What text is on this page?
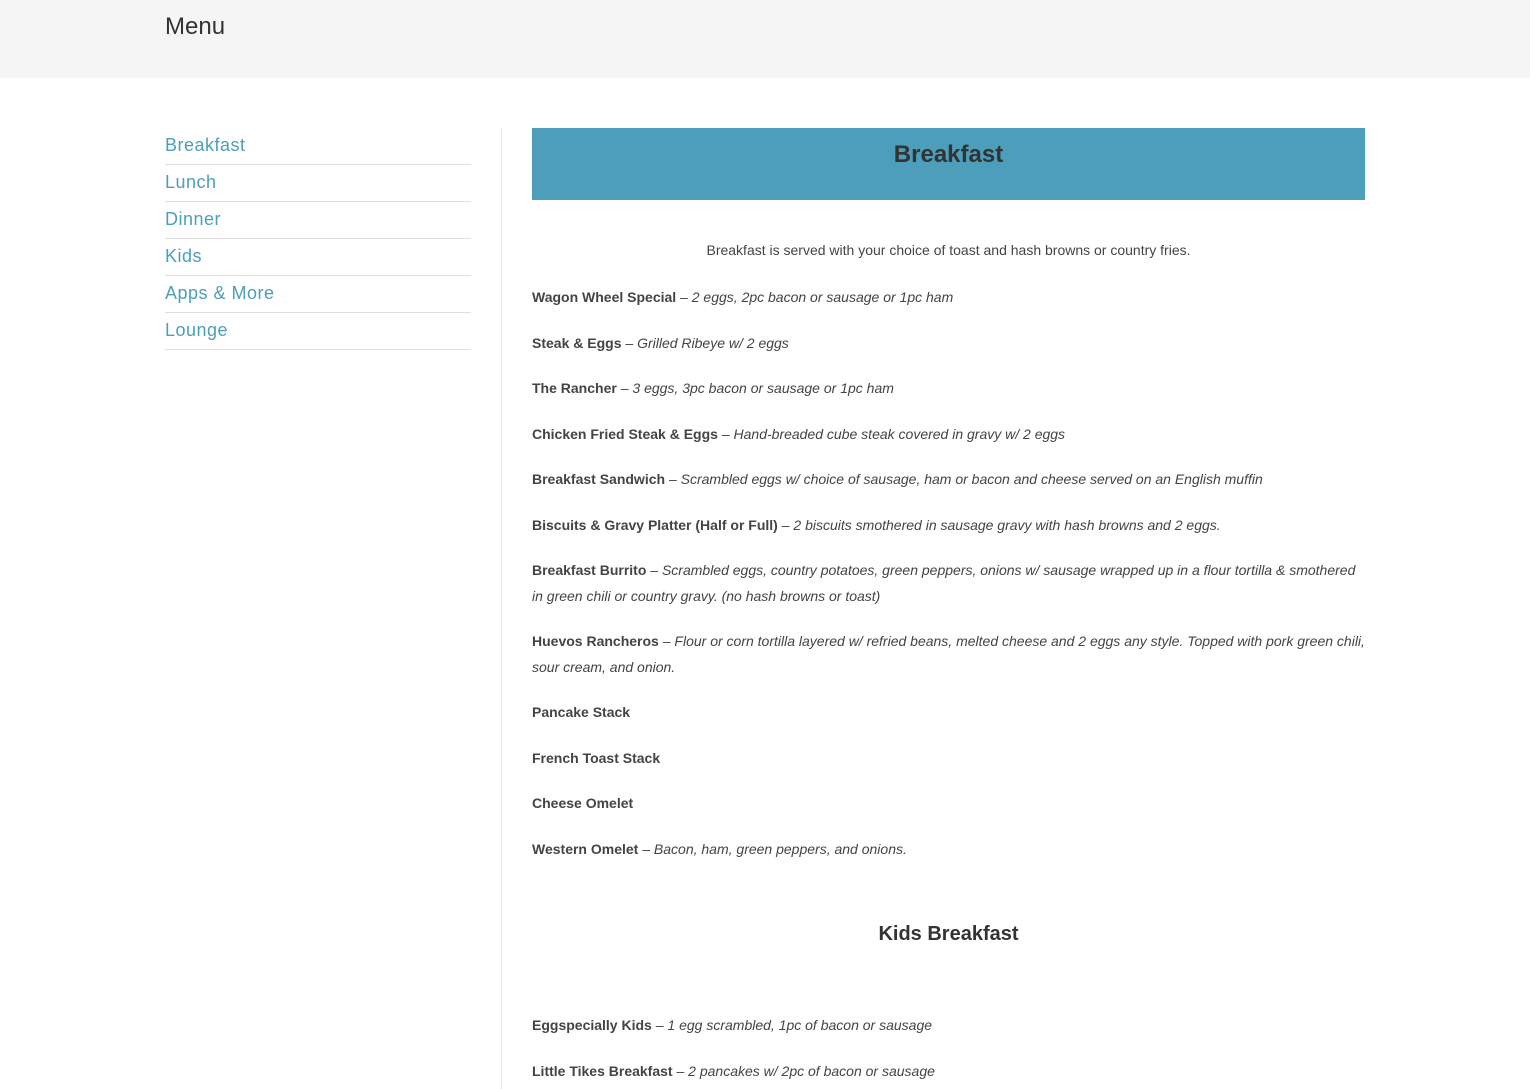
Menu
Breakfast
Lunch
Dinner
Kids
Apps & More
Lounge
Breakfast

Breakfast is served with your choice of toast and hash browns or country fries.

Wagon Wheel Special – 2 eggs, 2pc bacon or sausage or 1pc ham

Steak & Eggs – Grilled Ribeye w/ 2 eggs

The Rancher – 3 eggs, 3pc bacon or sausage or 1pc ham

Chicken Fried Steak & Eggs – Hand-breaded cube steak covered in gravy w/ 2 eggs

Breakfast Sandwich – Scrambled eggs w/ choice of sausage, ham or bacon and cheese served on an English muffin

Biscuits & Gravy Platter (Half or Full) – 2 biscuits smothered in sausage gravy with hash browns and 2 eggs.

Breakfast Burrito – Scrambled eggs, country potatoes, green peppers, onions w/ sausage wrapped up in a flour tortilla & smothered in green chili or country gravy. (no hash browns or toast)

Huevos Rancheros – Flour or corn tortilla layered w/ refried beans, melted cheese and 2 eggs any style. Topped with pork green chili, sour cream, and onion.

Pancake Stack

French Toast Stack

Cheese Omelet

Western Omelet – Bacon, ham, green peppers, and onions.

Kids Breakfast

Eggspecially Kids – 1 egg scrambled, 1pc of bacon or sausage

Little Tikes Breakfast – 2 pancakes w/ 2pc of bacon or sausage
